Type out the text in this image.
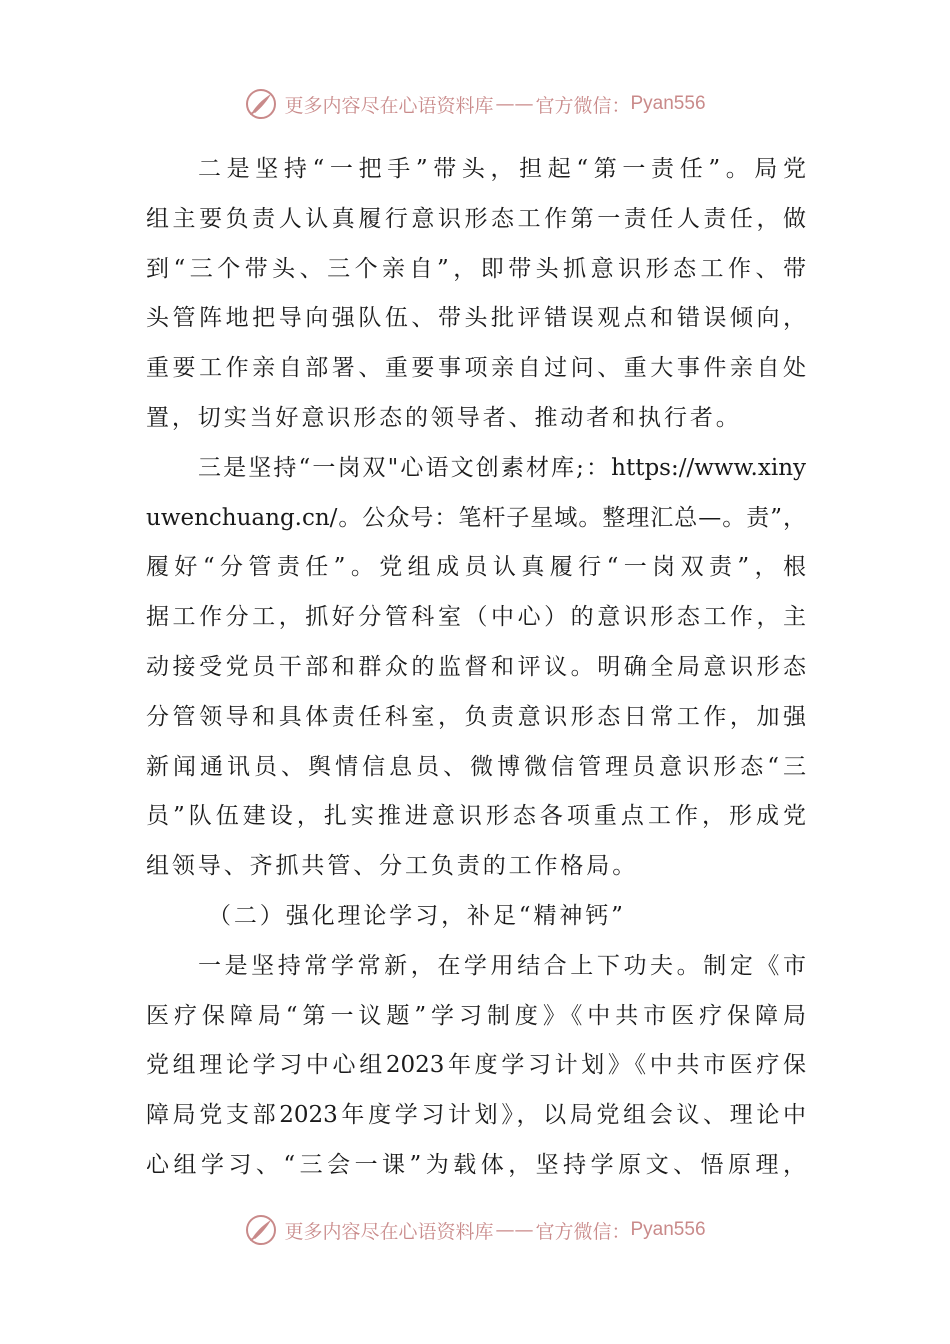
更多内容尽在心语资料库 —— 官方微信： Pyan556
二是坚持“一把手”带头，担起“第一责任”。局党
组主要负责人认真履行意识形态工作第一责任人责任，做
到“三个带头、三个亲自”，即带头抓意识形态工作、带
头管阵地把导向强队伍、带头批评错误观点和错误倾向，
重要工作亲自部署、重要事项亲自过问、重大事件亲自处
置，切实当好意识形态的领导者、推动者和执行者。
三是坚持“一岗双"心语文创素材库;：https://www.xiny
uwenchuang.cn/。公众号：笔杆子星域。整理汇总—。责”，
履好“分管责任”。党组成员认真履行“一岗双责”，根
据工作分工，抓好分管科室（中心）的意识形态工作，主
动接受党员干部和群众的监督和评议。明确全局意识形态
分管领导和具体责任科室，负责意识形态日常工作，加强
新闻通讯员、舆情信息员、微博微信管理员意识形态“三
员”队伍建设，扎实推进意识形态各项重点工作，形成党
组领导、齐抓共管、分工负责的工作格局。
（二）强化理论学习，补足“精神钙”
一是坚持常学常新，在学用结合上下功夫。制定《市
医疗保障局“第一议题”学习制度》《中共市医疗保障局
党组理论学习中心组2023年度学习计划》《中共市医疗保
障局党支部2023年度学习计划》，以局党组会议、理论中
心组学习、“三会一课”为载体，坚持学原文、悟原理，
更多内容尽在心语资料库 —— 官方微信： Pyan556
